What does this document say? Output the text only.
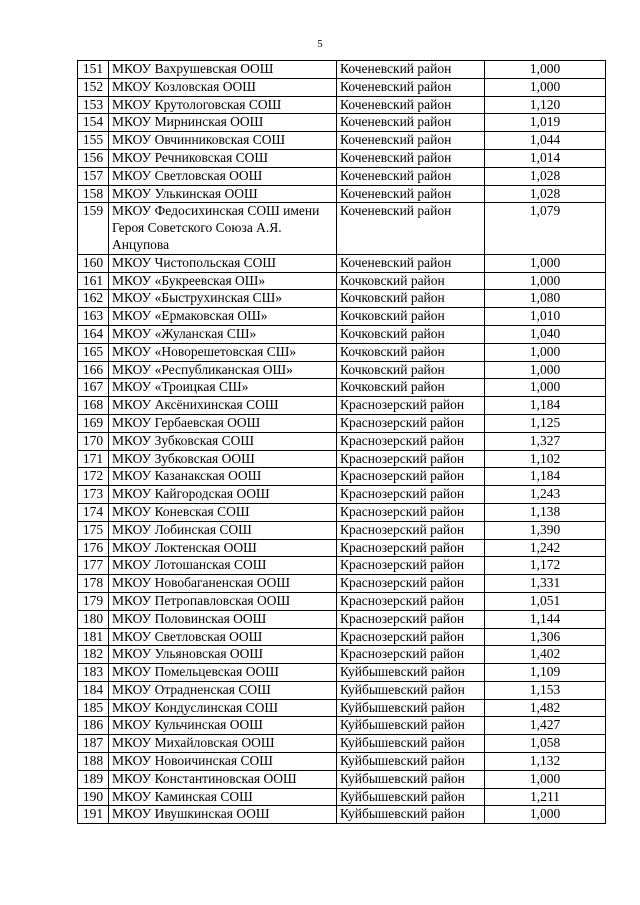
5
151	МКОУ Вахрушевская ООШ	Коченевский район	1,000
152	МКОУ Козловская ООШ	Коченевский район	1,000
153	МКОУ Крутологовская СОШ	Коченевский район	1,120
154	МКОУ Мирнинская ООШ	Коченевский район	1,019
155	МКОУ Овчинниковская СОШ	Коченевский район	1,044
156	МКОУ Речниковская СОШ	Коченевский район	1,014
157	МКОУ Светловская ООШ	Коченевский район	1,028
158	МКОУ Улькинская ООШ	Коченевский район	1,028
159	МКОУ Федосихинская СОШ имени Героя Советского Союза А.Я. Анцупова	Коченевский район	1,079
160	МКОУ Чистопольская СОШ	Коченевский район	1,000
161	МКОУ «Букреевская ОШ»	Кочковский район	1,000
162	МКОУ «Быструхинская СШ»	Кочковский район	1,080
163	МКОУ «Ермаковская ОШ»	Кочковский район	1,010
164	МКОУ «Жуланская СШ»	Кочковский район	1,040
165	МКОУ «Новорешетовская СШ»	Кочковский район	1,000
166	МКОУ «Республиканская ОШ»	Кочковский район	1,000
167	МКОУ «Троицкая СШ»	Кочковский район	1,000
168	МКОУ Аксёнихинская СОШ	Краснозерский район	1,184
169	МКОУ Гербаевская ООШ	Краснозерский район	1,125
170	МКОУ Зубковская СОШ	Краснозерский район	1,327
171	МКОУ Зубковская ООШ	Краснозерский район	1,102
172	МКОУ Казанакская ООШ	Краснозерский район	1,184
173	МКОУ Кайгородская ООШ	Краснозерский район	1,243
174	МКОУ Коневская СОШ	Краснозерский район	1,138
175	МКОУ Лобинская СОШ	Краснозерский район	1,390
176	МКОУ Локтенская ООШ	Краснозерский район	1,242
177	МКОУ Лотошанская СОШ	Краснозерский район	1,172
178	МКОУ Новобаганенская ООШ	Краснозерский район	1,331
179	МКОУ Петропавловская ООШ	Краснозерский район	1,051
180	МКОУ Половинская ООШ	Краснозерский район	1,144
181	МКОУ Светловская ООШ	Краснозерский район	1,306
182	МКОУ Ульяновская ООШ	Краснозерский район	1,402
183	МКОУ Помельцевская ООШ	Куйбышевский район	1,109
184	МКОУ Отрадненская СОШ	Куйбышевский район	1,153
185	МКОУ Кондуслинская СОШ	Куйбышевский район	1,482
186	МКОУ Кульчинская ООШ	Куйбышевский район	1,427
187	МКОУ Михайловская ООШ	Куйбышевский район	1,058
188	МКОУ Новоичинская СОШ	Куйбышевский район	1,132
189	МКОУ Константиновская ООШ	Куйбышевский район	1,000
190	МКОУ Каминская СОШ	Куйбышевский район	1,211
191	МКОУ Ивушкинская ООШ	Куйбышевский район	1,000
